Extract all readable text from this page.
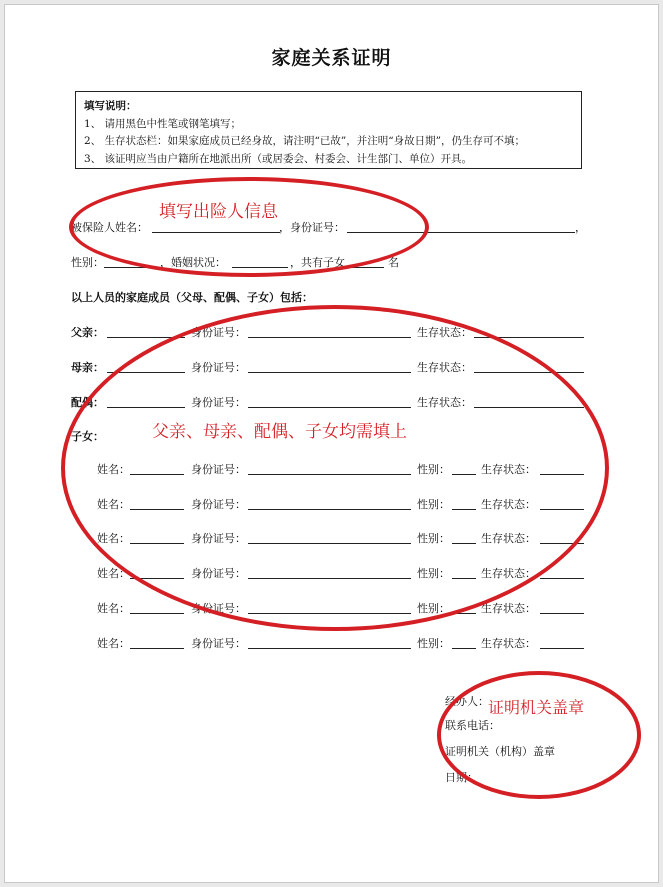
家庭关系证明
填写说明：
1、 请用黑色中性笔或钢笔填写；
2、 生存状态栏：如果家庭成员已经身故，请注明“已故”，并注明“身故日期”，仍生存可不填；
3、 该证明应当由户籍所在地派出所（或居委会、村委会、计生部门、单位）开具。
被保险人姓名：	，身份证号：	，
性别：	，婚姻状况：	，共有子女	名
以上人员的家庭成员（父母、配偶、子女）包括：
父亲：	身份证号：	生存状态：
母亲：	身份证号：	生存状态：
配偶：	身份证号：	生存状态：
子女：
姓名：	身份证号：	性别：	生存状态：
姓名：	身份证号：	性别：	生存状态：
姓名：	身份证号：	性别：	生存状态：
姓名：	身份证号：	性别：	生存状态：
姓名：	身份证号：	性别：	生存状态：
姓名：	身份证号：	性别：	生存状态：
经办人：
联系电话：
证明机关（机构）盖章
日期：
填写出险人信息
父亲、母亲、配偶、子女均需填上
证明机关盖章
